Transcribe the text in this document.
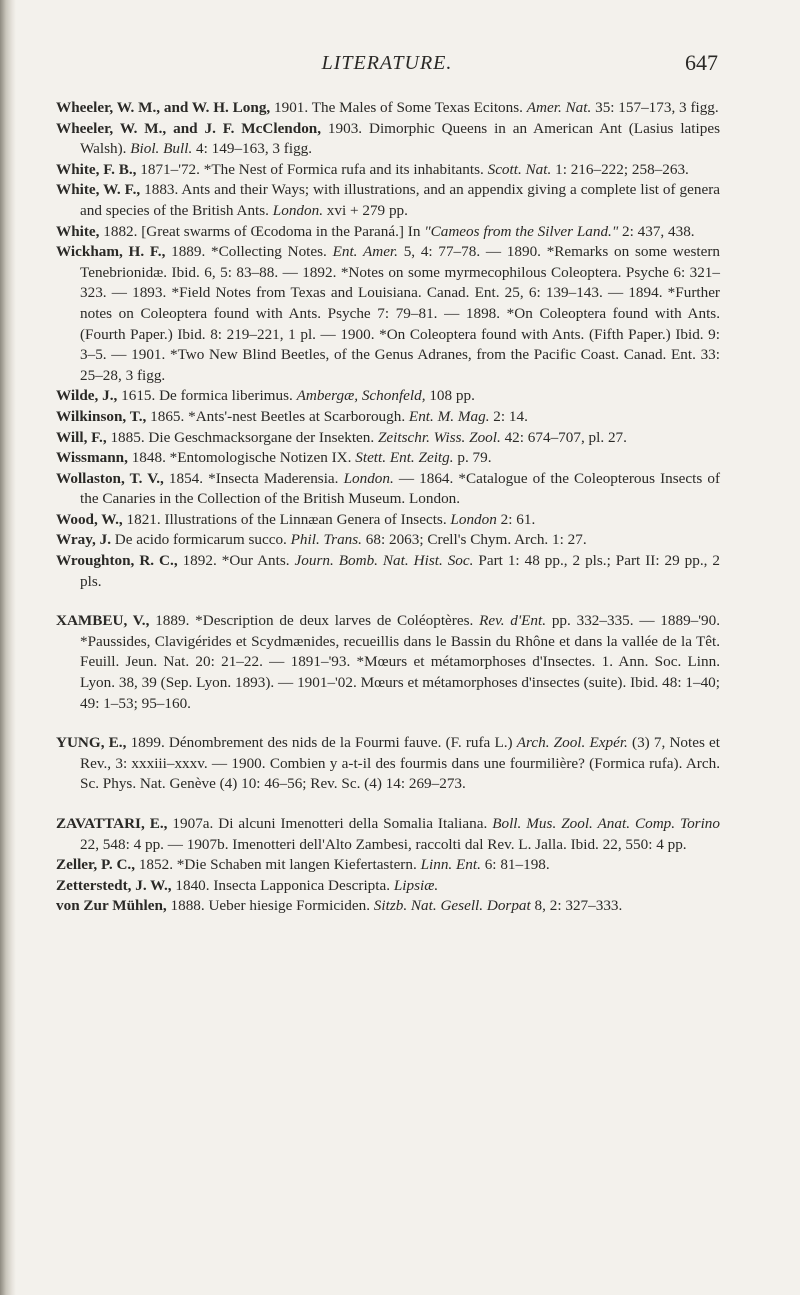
LITERATURE.	647

Wheeler, W. M., and W. H. Long, 1901. The Males of Some Texas Ecitons. Amer. Nat. 35: 157–173, 3 figg.

Wheeler, W. M., and J. F. McClendon, 1903. Dimorphic Queens in an American Ant (Lasius latipes Walsh). Biol. Bull. 4: 149–163, 3 figg.

White, F. B., 1871–'72. *The Nest of Formica rufa and its inhabitants. Scott. Nat. 1: 216–222; 258–263.

White, W. F., 1883. Ants and their Ways; with illustrations, and an appendix giving a complete list of genera and species of the British Ants. London. xvi + 279 pp.

White, 1882. [Great swarms of Œcodoma in the Paraná.] In "Cameos from the Silver Land." 2: 437, 438.

Wickham, H. F., 1889. *Collecting Notes. Ent. Amer. 5, 4: 77–78. — 1890. *Remarks on some western Tenebrionidæ. Ibid. 6, 5: 83–88. — 1892. *Notes on some myrmecophilous Coleoptera. Psyche 6: 321–323. — 1893. *Field Notes from Texas and Louisiana. Canad. Ent. 25, 6: 139–143. — 1894. *Further notes on Coleoptera found with Ants. Psyche 7: 79–81. — 1898. *On Coleoptera found with Ants. (Fourth Paper.) Ibid. 8: 219–221, 1 pl. — 1900. *On Coleoptera found with Ants. (Fifth Paper.) Ibid. 9: 3–5. — 1901. *Two New Blind Beetles, of the Genus Adranes, from the Pacific Coast. Canad. Ent. 33: 25–28, 3 figg.

Wilde, J., 1615. De formica liberimus. Ambergæ, Schonfeld, 108 pp.

Wilkinson, T., 1865. *Ants'-nest Beetles at Scarborough. Ent. M. Mag. 2: 14.

Will, F., 1885. Die Geschmacksorgane der Insekten. Zeitschr. Wiss. Zool. 42: 674–707, pl. 27.

Wissmann, 1848. *Entomologische Notizen IX. Stett. Ent. Zeitg. p. 79.

Wollaston, T. V., 1854. *Insecta Maderensia. London. — 1864. *Catalogue of the Coleopterous Insects of the Canaries in the Collection of the British Museum. London.

Wood, W., 1821. Illustrations of the Linnæan Genera of Insects. London 2: 61.

Wray, J. De acido formicarum succo. Phil. Trans. 68: 2063; Crell's Chym. Arch. 1: 27.

Wroughton, R. C., 1892. *Our Ants. Journ. Bomb. Nat. Hist. Soc. Part 1: 48 pp., 2 pls.; Part II: 29 pp., 2 pls.

XAMBEU, V., 1889. *Description de deux larves de Coléoptères. Rev. d'Ent. pp. 332–335. — 1889–'90. *Paussides, Clavigérides et Scydmænides, recueillis dans le Bassin du Rhône et dans la vallée de la Têt. Feuill. Jeun. Nat. 20: 21–22. — 1891–'93. *Mœurs et métamorphoses d'Insectes. 1. Ann. Soc. Linn. Lyon. 38, 39 (Sep. Lyon. 1893). — 1901–'02. Mœurs et métamorphoses d'insectes (suite). Ibid. 48: 1–40; 49: 1–53; 95–160.

YUNG, E., 1899. Dénombrement des nids de la Fourmi fauve. (F. rufa L.) Arch. Zool. Expér. (3) 7, Notes et Rev., 3: xxxiii–xxxv. — 1900. Combien y a-t-il des fourmis dans une fourmilière? (Formica rufa). Arch. Sc. Phys. Nat. Genève (4) 10: 46–56; Rev. Sc. (4) 14: 269–273.

ZAVATTARI, E., 1907a. Di alcuni Imenotteri della Somalia Italiana. Boll. Mus. Zool. Anat. Comp. Torino 22, 548: 4 pp. — 1907b. Imenotteri dell'Alto Zambesi, raccolti dal Rev. L. Jalla. Ibid. 22, 550: 4 pp.

Zeller, P. C., 1852. *Die Schaben mit langen Kiefertastern. Linn. Ent. 6: 81–198.

Zetterstedt, J. W., 1840. Insecta Lapponica Descripta. Lipsiæ.

von Zur Mühlen, 1888. Ueber hiesige Formiciden. Sitzb. Nat. Gesell. Dorpat 8, 2: 327–333.
